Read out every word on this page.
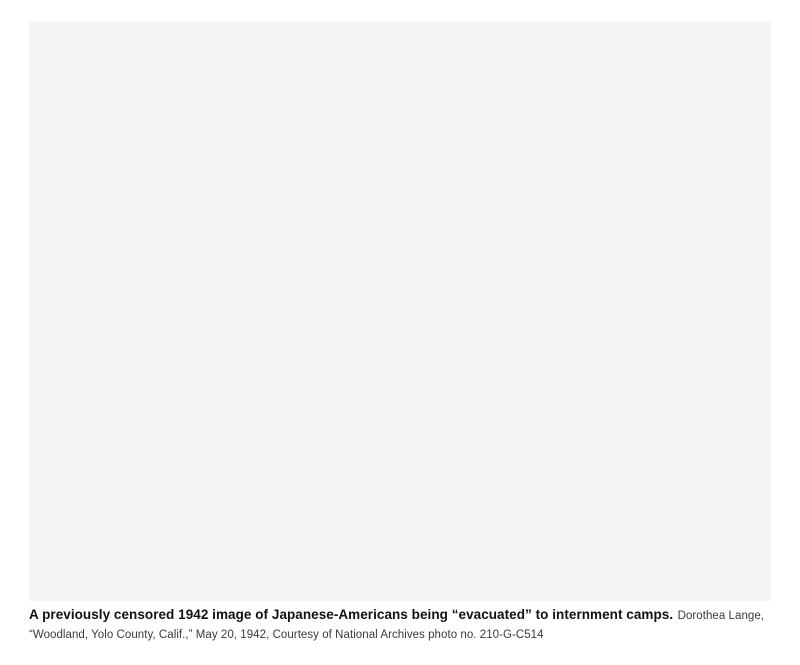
A previously censored 1942 image of Japanese-Americans being “evacuated” to internment camps. Dorothea Lange, “Woodland, Yolo County, Calif.,” May 20, 1942, Courtesy of National Archives photo no. 210-G-C514
